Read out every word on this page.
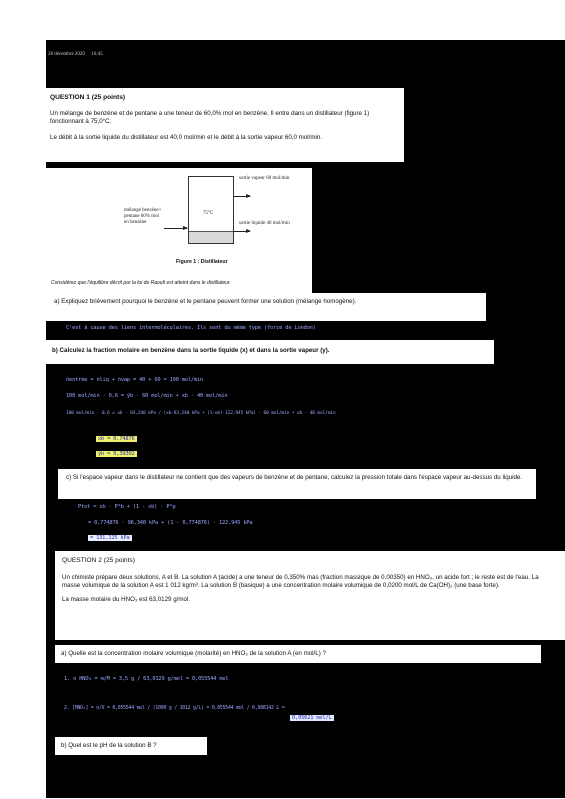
28 décembre 2020 16:45
QUESTION 1 (25 points)
Un mélange de benzène et de pentane a une teneur de 60,0% mol en benzène. Il entre dans un distillateur (figure 1) fonctionnant à 75,0°C.
Le débit à la sortie liquide du distillateur est 40,0 mol/min et le débit à la sortie vapeur 60,0 mol/min.
mélange benzène+ pentane 60% mol en benzène
75°C
sortie vapeur 60 mol/min
sortie liquide 40 mol/min
Figure 1 : Distillateur
Considérez que l'équilibre décrit par la loi de Raoult est atteint dans le distillateur.
a) Expliquez brièvement pourquoi le benzène et le pentane peuvent former une solution (mélange homogène).
C'est à cause des liens intermoléculaires. Ils sont du même type (force de London)
b) Calculez la fraction molaire en benzène dans la sortie liquide (x) et dans la sortie vapeur (y).
ṅentrée = ṅliq + ṅvap = 40 + 60 = 100 mol/min
100 mol/min · 0,6 = ỹb · 60 mol/min + xb · 40 mol/min
100 mol/min · 0,6 = xb · 83,240 kPa / (xb·83,240 kPa + (1-xb)·122,945 kPa) · 60 mol/min + xb · 40 mol/min
xb = 0,74876
ỹb = 0,39302
c) Si l'espace vapeur dans le distillateur ne contient que des vapeurs de benzène et de pentane, calculez la pression totale dans l'espace vapeur au-dessus du liquide.
Ptot = xb · P°b + (1 - xb) · P°p
= 0,774876 · 96,340 kPa + (1 - 0,774876) · 122,945 kPa
= 131,125 kPa
QUESTION 2 (25 points)
Un chimiste prépare deux solutions, A et B. La solution A (acide) a une teneur de 0,350% mas (fraction massique de 0,00350) en HNO₃, un acide fort ; le reste est de l'eau. La masse volumique de la solution A est 1 012 kg/m³. La solution B (basique) a une concentration molaire volumique de 0,0200 mol/L de Ca(OH)₂ (une base forte).
La masse molaire du HNO₃ est 63,0129 g/mol.
a) Quelle est la concentration molaire volumique (molarité) en HNO₃ de la solution A (en mol/L) ?
1. n HNO₃ = m/M = 3,5 g / 63,0129 g/mol = 0,055544 mol
2. [HNO₃] = n/V = 0,055544 mol / (1000 g / 1012 g/L) = 0,055544 mol / 0,988142 L =
0,05621 mol/L
b) Quel est le pH de la solution B ?
